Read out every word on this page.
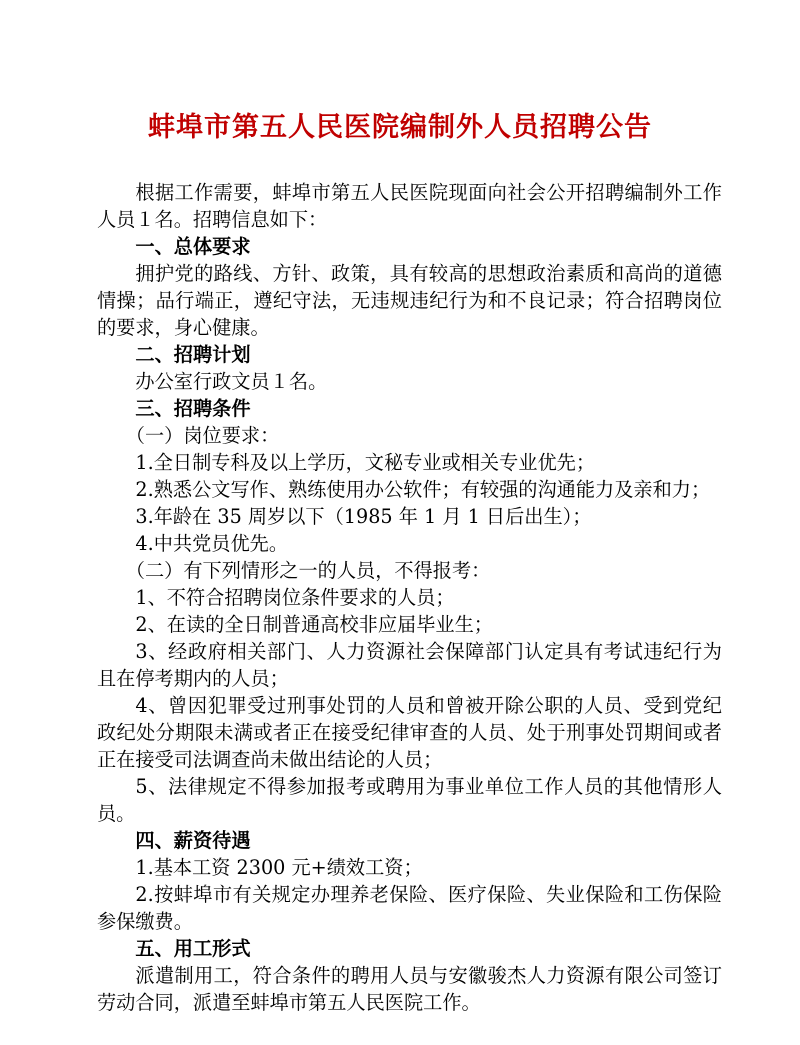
蚌埠市第五人民医院编制外人员招聘公告

根据工作需要，蚌埠市第五人民医院现面向社会公开招聘编制外工作人员１名。招聘信息如下：

一、总体要求

拥护党的路线、方针、政策，具有较高的思想政治素质和高尚的道德情操；品行端正，遵纪守法，无违规违纪行为和不良记录；符合招聘岗位的要求，身心健康。

二、招聘计划

办公室行政文员１名。

三、招聘条件

（一）岗位要求：

1.全日制专科及以上学历，文秘专业或相关专业优先；

2.熟悉公文写作、熟练使用办公软件；有较强的沟通能力及亲和力；

3.年龄在 35 周岁以下（1985 年 1 月 1 日后出生）；

4.中共党员优先。

（二）有下列情形之一的人员，不得报考：

1、不符合招聘岗位条件要求的人员；

2、在读的全日制普通高校非应届毕业生；

3、经政府相关部门、人力资源社会保障部门认定具有考试违纪行为且在停考期内的人员；

4、曾因犯罪受过刑事处罚的人员和曾被开除公职的人员、受到党纪政纪处分期限未满或者正在接受纪律审查的人员、处于刑事处罚期间或者正在接受司法调查尚未做出结论的人员；

5、法律规定不得参加报考或聘用为事业单位工作人员的其他情形人员。

四、薪资待遇

1.基本工资 2300 元+绩效工资；

2.按蚌埠市有关规定办理养老保险、医疗保险、失业保险和工伤保险参保缴费。

五、用工形式

派遣制用工，符合条件的聘用人员与安徽骏杰人力资源有限公司签订劳动合同，派遣至蚌埠市第五人民医院工作。
